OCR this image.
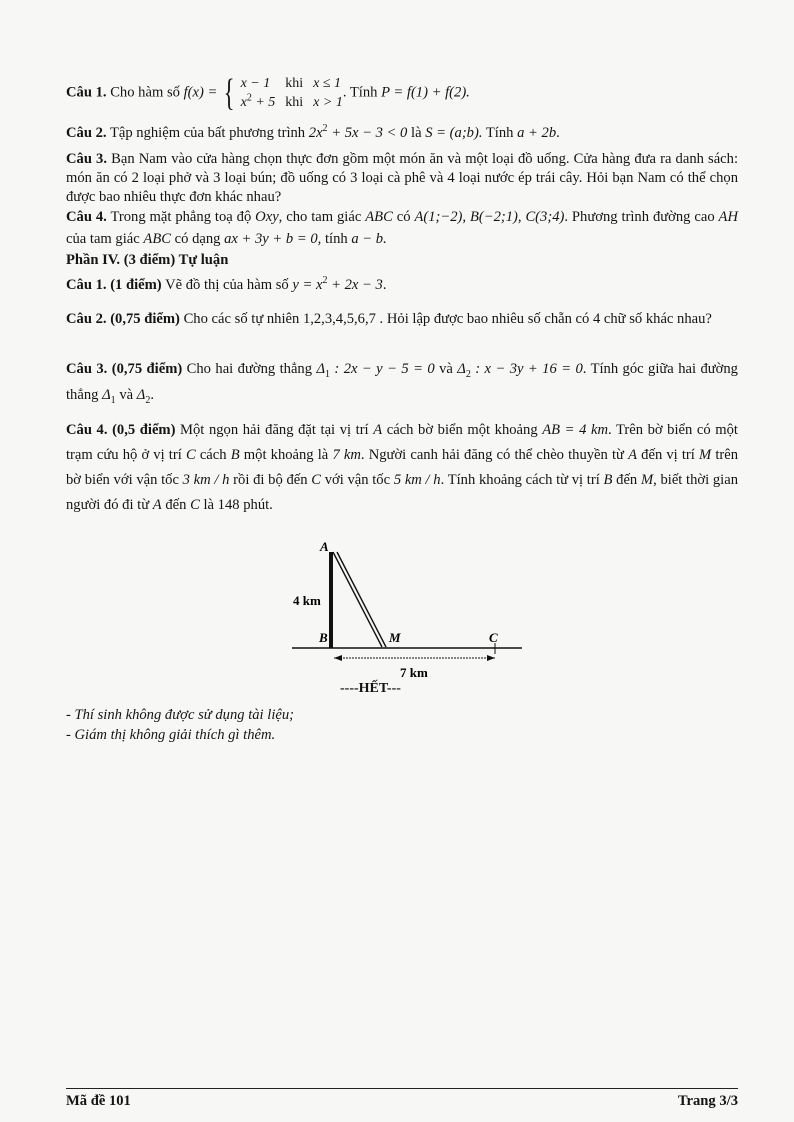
Câu 1. Cho hàm số f(x) = { x − 1	khi x ≤ 1
$x^2 + 5$ khi x > 1
. Tính P = f(1) + f(2).
Câu 2. Tập nghiệm của bất phương trình $2x^2 + 5x - 3 < 0$ là S = (a;b). Tính a + 2b.
Câu 3. Bạn Nam vào cửa hàng chọn thực đơn gồm một món ăn và một loại đồ uống. Cửa hàng đưa ra danh sách: món ăn có 2 loại phở và 3 loại bún; đồ uống có 3 loại cà phê và 4 loại nước ép trái cây. Hỏi bạn Nam có thể chọn được bao nhiêu thực đơn khác nhau?
Câu 4. Trong mặt phẳng toạ độ Oxy, cho tam giác ABC có A(1;−2), B(−2;1), C(3;4). Phương trình đường cao AH của tam giác ABC có dạng ax + 3y + b = 0, tính a − b.
Phần IV. (3 điểm) Tự luận
Câu 1. (1 điểm) Vẽ đồ thị của hàm số $y = x^2 + 2x - 3$.
Câu 2. (0,75 điểm) Cho các số tự nhiên 1,2,3,4,5,6,7 . Hỏi lập được bao nhiêu số chẵn có 4 chữ số khác nhau?
Câu 3. (0,75 điểm) Cho hai đường thẳng $\Delta_1$ : 2x − y − 5 = 0 và $\Delta_2$ : x − 3y + 16 = 0. Tính góc giữa hai đường thẳng $\Delta_1$ và $\Delta_2$.
Câu 4. (0,5 điểm) Một ngọn hải đăng đặt tại vị trí A cách bờ biển một khoảng AB = 4 km. Trên bờ biển có một trạm cứu hộ ở vị trí C cách B một khoảng là 7 km. Người canh hải đăng có thể chèo thuyền từ A đến vị trí M trên bờ biển với vận tốc 3 km / h rồi đi bộ đến C với vận tốc 5 km / h. Tính khoảng cách từ vị trí B đến M, biết thời gian người đó đi từ A đến C là 148 phút.
A
B	M	C
4 km
7 km
----HẾT---
- Thí sinh không được sử dụng tài liệu;
- Giám thị không giải thích gì thêm.
Mã đề 101	Trang 3/3
